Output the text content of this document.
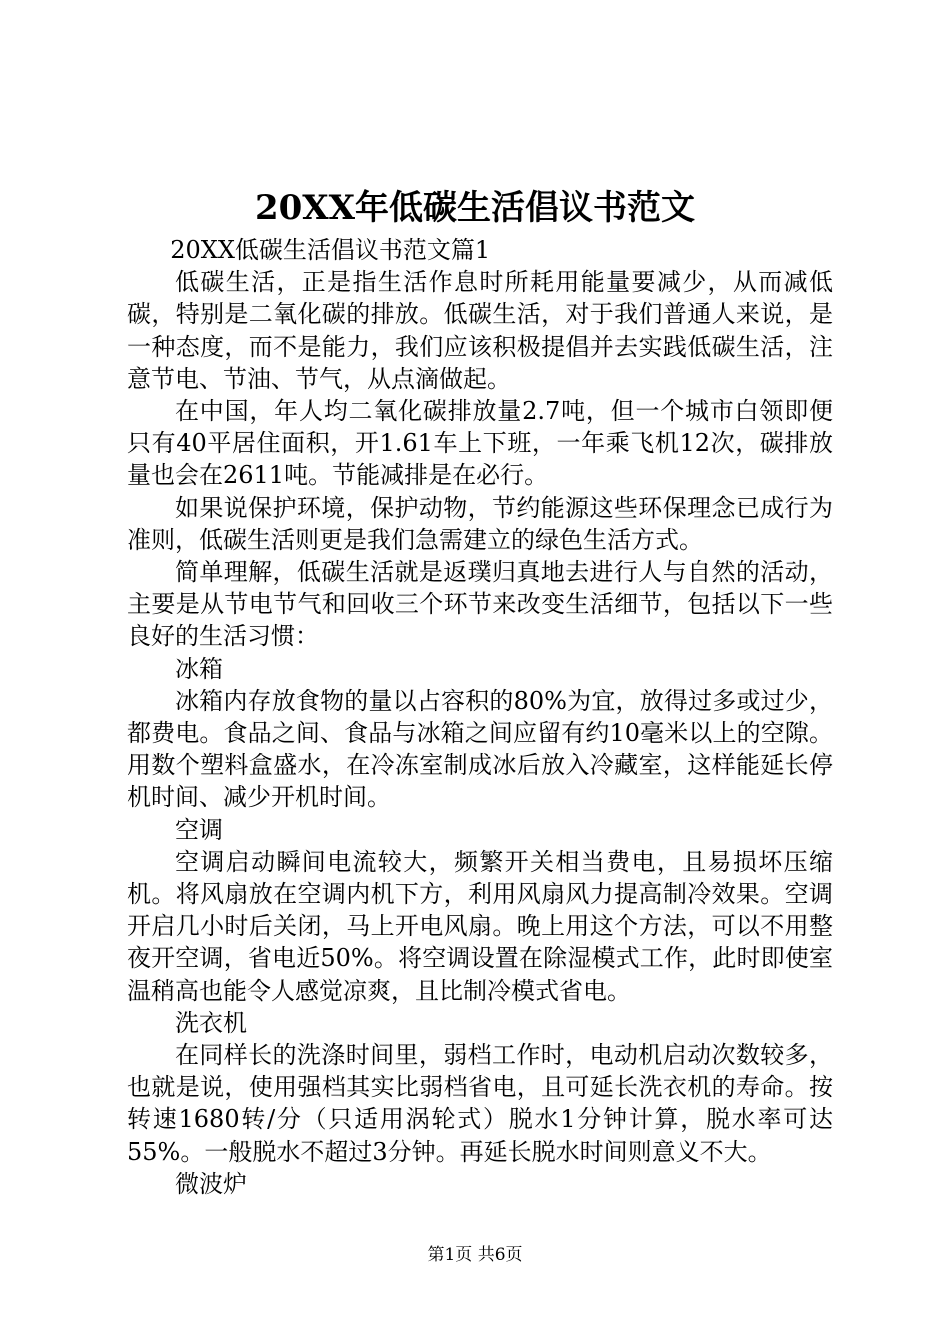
20XX年低碳生活倡议书范文

20XX低碳生活倡议书范文篇1

低碳生活，正是指生活作息时所耗用能量要减少，从而减低碳，特别是二氧化碳的排放。低碳生活，对于我们普通人来说，是一种态度，而不是能力，我们应该积极提倡并去实践低碳生活，注意节电、节油、节气，从点滴做起。

在中国，年人均二氧化碳排放量2.7吨，但一个城市白领即便只有40平居住面积，开1.61车上下班，一年乘飞机12次，碳排放量也会在2611吨。节能减排是在必行。

如果说保护环境，保护动物，节约能源这些环保理念已成行为准则，低碳生活则更是我们急需建立的绿色生活方式。

简单理解，低碳生活就是返璞归真地去进行人与自然的活动，主要是从节电节气和回收三个环节来改变生活细节，包括以下一些良好的生活习惯：

冰箱

冰箱内存放食物的量以占容积的80%为宜，放得过多或过少，都费电。食品之间、食品与冰箱之间应留有约10毫米以上的空隙。用数个塑料盒盛水，在冷冻室制成冰后放入冷藏室，这样能延长停机时间、减少开机时间。

空调

空调启动瞬间电流较大，频繁开关相当费电，且易损坏压缩机。将风扇放在空调内机下方，利用风扇风力提高制冷效果。空调开启几小时后关闭，马上开电风扇。晚上用这个方法，可以不用整夜开空调，省电近50%。将空调设置在除湿模式工作，此时即使室温稍高也能令人感觉凉爽，且比制冷模式省电。

洗衣机

在同样长的洗涤时间里，弱档工作时，电动机启动次数较多，也就是说，使用强档其实比弱档省电，且可延长洗衣机的寿命。按转速1680转/分（只适用涡轮式）脱水1分钟计算，脱水率可达55%。一般脱水不超过3分钟。再延长脱水时间则意义不大。

微波炉

第1页 共6页
